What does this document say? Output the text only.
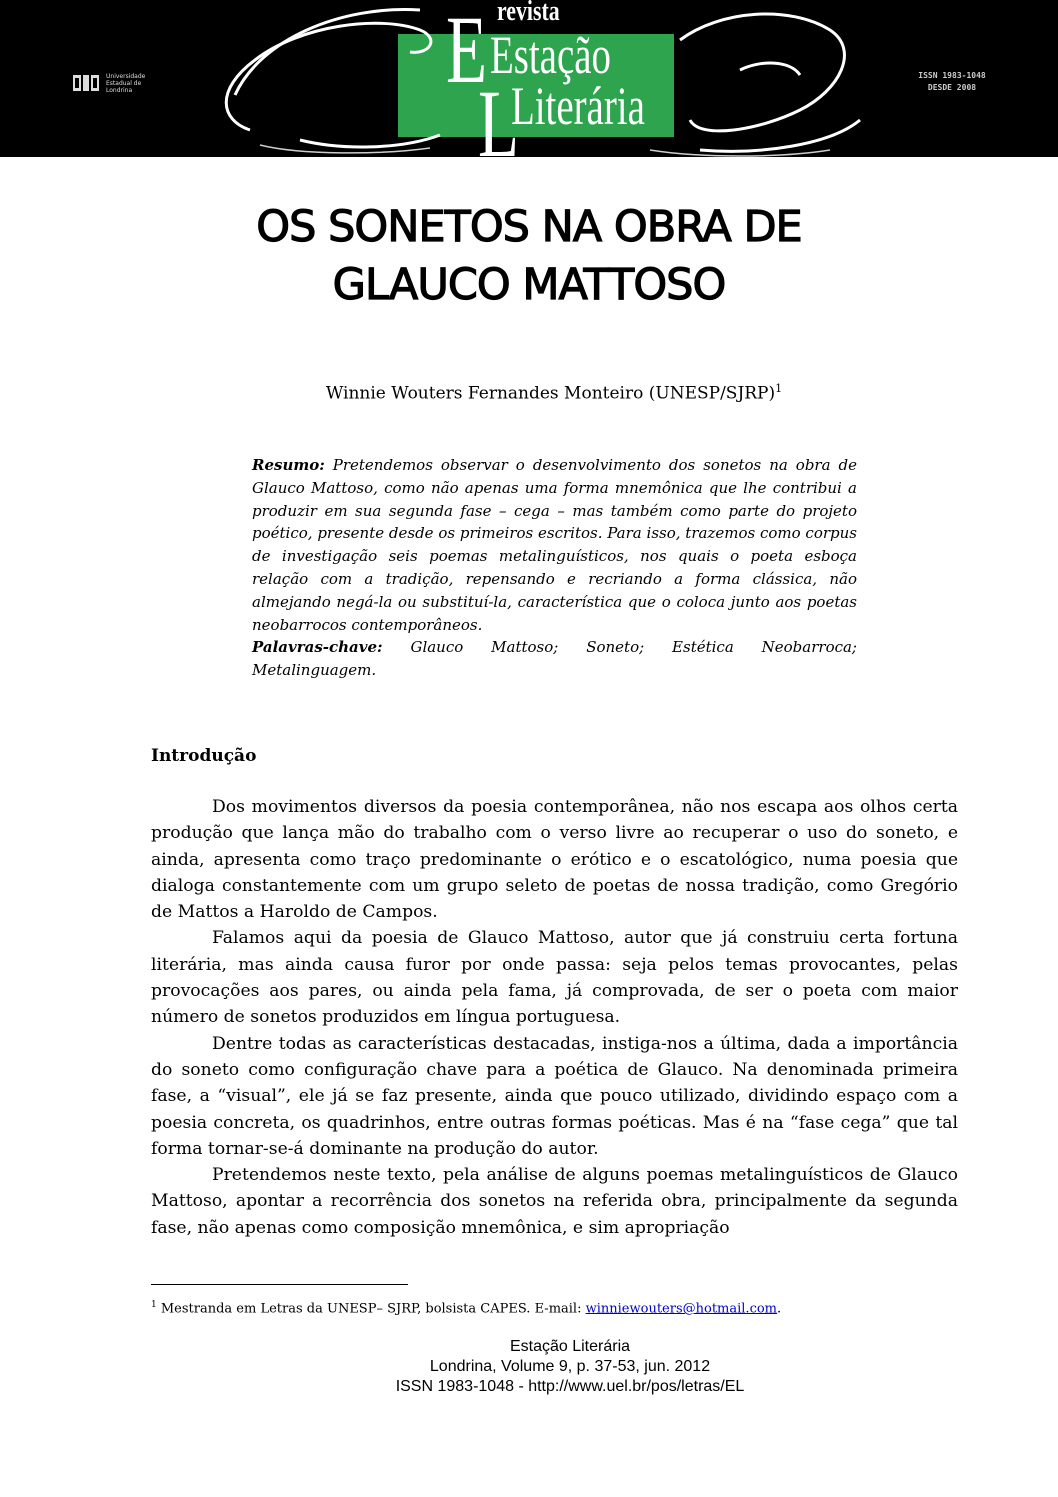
Universidade Estadual de Londrina	E
L
revista
Estação
Literária
ISSN 1983-1048
DESDE 2008
OS SONETOS NA OBRA DE
GLAUCO MATTOSO
Winnie Wouters Fernandes Monteiro (UNESP/SJRP)$^1$

Resumo: Pretendemos observar o desenvolvimento dos sonetos na obra de Glauco Mattoso, como não apenas uma forma mnemônica que lhe contribui a produzir em sua segunda fase – cega – mas também como parte do projeto poético, presente desde os primeiros escritos. Para isso, trazemos como corpus de investigação seis poemas metalinguísticos, nos quais o poeta esboça relação com a tradição, repensando e recriando a forma clássica, não almejando negá-la ou substituí-la, característica que o coloca junto aos poetas neobarrocos contemporâneos.

Palavras-chave: Glauco Mattoso; Soneto; Estética Neobarroca; Metalinguagem.

Introdução

Dos movimentos diversos da poesia contemporânea, não nos escapa aos olhos certa produção que lança mão do trabalho com o verso livre ao recuperar o uso do soneto, e ainda, apresenta como traço predominante o erótico e o escatológico, numa poesia que dialoga constantemente com um grupo seleto de poetas de nossa tradição, como Gregório de Mattos a Haroldo de Campos.

Falamos aqui da poesia de Glauco Mattoso, autor que já construiu certa fortuna literária, mas ainda causa furor por onde passa: seja pelos temas provocantes, pelas provocações aos pares, ou ainda pela fama, já comprovada, de ser o poeta com maior número de sonetos produzidos em língua portuguesa.

Dentre todas as características destacadas, instiga-nos a última, dada a importância do soneto como configuração chave para a poética de Glauco. Na denominada primeira fase, a “visual”, ele já se faz presente, ainda que pouco utilizado, dividindo espaço com a poesia concreta, os quadrinhos, entre outras formas poéticas. Mas é na “fase cega” que tal forma tornar-se-á dominante na produção do autor.

Pretendemos neste texto, pela análise de alguns poemas metalinguísticos de Glauco Mattoso, apontar a recorrência dos sonetos na referida obra, principalmente da segunda fase, não apenas como composição mnemônica, e sim apropriação

$^1$ Mestranda em Letras da UNESP– SJRP, bolsista CAPES. E-mail: winniewouters@hotmail.com.
Estação Literária
Londrina, Volume 9, p. 37-53, jun. 2012
ISSN 1983-1048 - http://www.uel.br/pos/letras/EL
